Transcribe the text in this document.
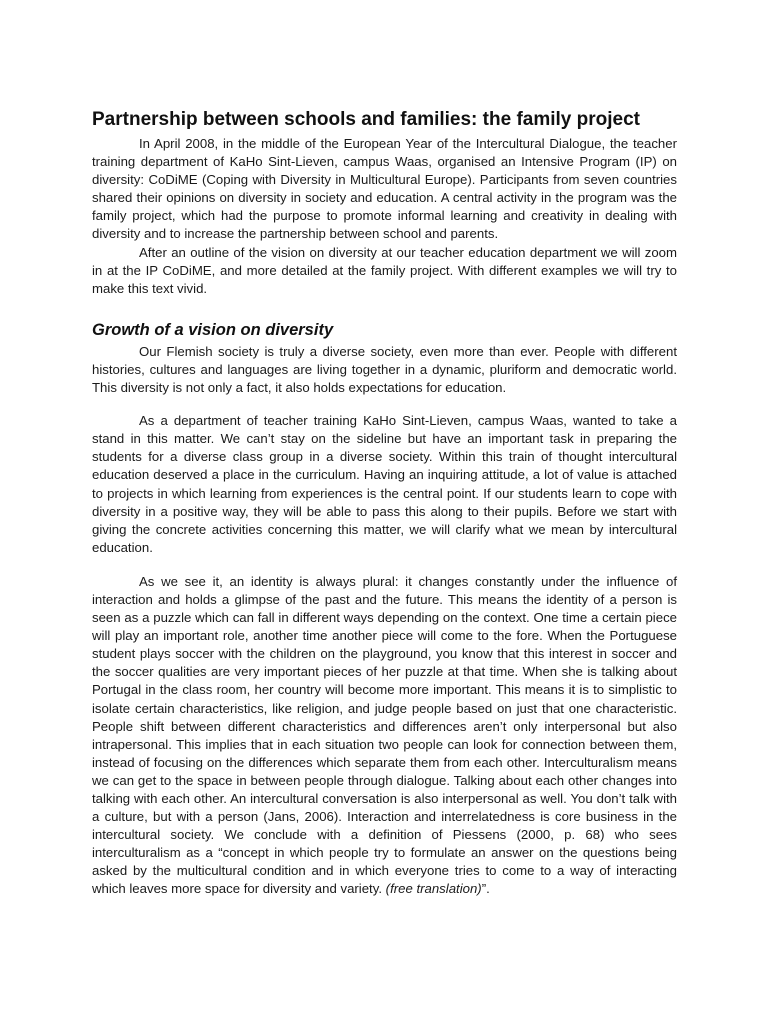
Partnership between schools and families: the family project

In April 2008, in the middle of the European Year of the Intercultural Dialogue, the teacher training department of KaHo Sint-Lieven, campus Waas, organised an Intensive Program (IP) on diversity: CoDiME (Coping with Diversity in Multicultural Europe). Participants from seven countries shared their opinions on diversity in society and education. A central activity in the program was the family project, which had the purpose to promote informal learning and creativity in dealing with diversity and to increase the partnership between school and parents.

After an outline of the vision on diversity at our teacher education department we will zoom in at the IP CoDiME, and more detailed at the family project. With different examples we will try to make this text vivid.

Growth of a vision on diversity

Our Flemish society is truly a diverse society, even more than ever. People with different histories, cultures and languages are living together in a dynamic, pluriform and democratic world. This diversity is not only a fact, it also holds expectations for education.

As a department of teacher training KaHo Sint-Lieven, campus Waas, wanted to take a stand in this matter. We can’t stay on the sideline but have an important task in preparing the students for a diverse class group in a diverse society. Within this train of thought intercultural education deserved a place in the curriculum. Having an inquiring attitude, a lot of value is attached to projects in which learning from experiences is the central point. If our students learn to cope with diversity in a positive way, they will be able to pass this along to their pupils. Before we start with giving the concrete activities concerning this matter, we will clarify what we mean by intercultural education.

As we see it, an identity is always plural: it changes constantly under the influence of interaction and holds a glimpse of the past and the future. This means the identity of a person is seen as a puzzle which can fall in different ways depending on the context. One time a certain piece will play an important role, another time another piece will come to the fore. When the Portuguese student plays soccer with the children on the playground, you know that this interest in soccer and the soccer qualities are very important pieces of her puzzle at that time. When she is talking about Portugal in the class room, her country will become more important. This means it is to simplistic to isolate certain characteristics, like religion, and judge people based on just that one characteristic. People shift between different characteristics and differences aren’t only interpersonal but also intrapersonal. This implies that in each situation two people can look for connection between them, instead of focusing on the differences which separate them from each other. Interculturalism means we can get to the space in between people through dialogue. Talking about each other changes into talking with each other. An intercultural conversation is also interpersonal as well. You don’t talk with a culture, but with a person (Jans, 2006). Interaction and interrelatedness is core business in the intercultural society. We conclude with a definition of Piessens (2000, p. 68) who sees interculturalism as a “concept in which people try to formulate an answer on the questions being asked by the multicultural condition and in which everyone tries to come to a way of interacting which leaves more space for diversity and variety. (free translation)”.
